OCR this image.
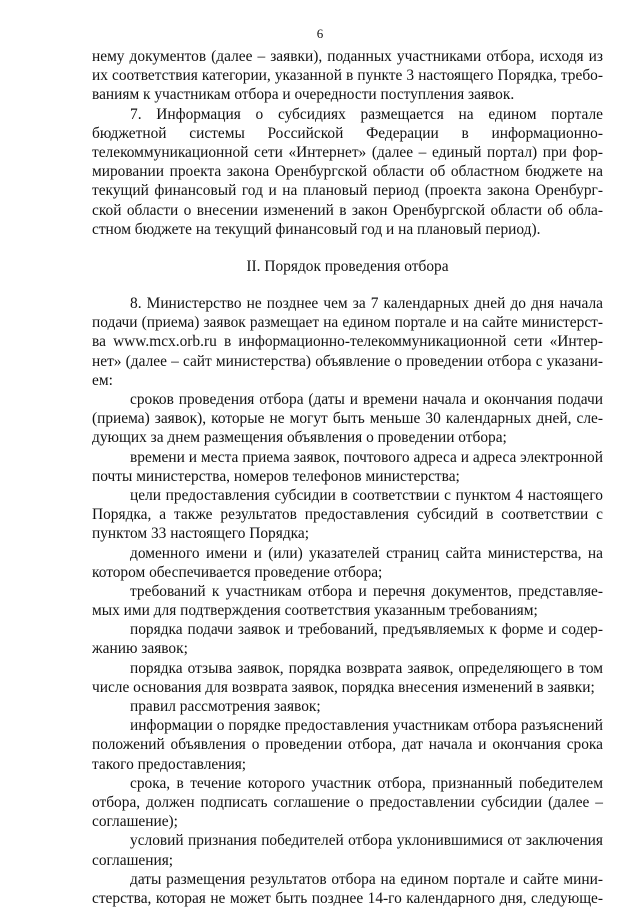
6
нему документов (далее – заявки), поданных участниками отбора, исходя из
их соответствия категории, указанной в пункте 3 настоящего Порядка, требо-
ваниям к участникам отбора и очередности поступления заявок.
7. Информация о субсидиях размещается на едином портале
бюджетной системы Российской Федерации в информационно-
телекоммуникационной сети «Интернет» (далее – единый портал) при фор-
мировании проекта закона Оренбургской области об областном бюджете на
текущий финансовый год и на плановый период (проекта закона Оренбург-
ской области о внесении изменений в закон Оренбургской области об обла-
стном бюджете на текущий финансовый год и на плановый период).
II. Порядок проведения отбора
8. Министерство не позднее чем за 7 календарных дней до дня начала
подачи (приема) заявок размещает на едином портале и на сайте министерст-
ва www.mcx.orb.ru в информационно-телекоммуникационной сети «Интер-
нет» (далее – сайт министерства) объявление о проведении отбора с указани-
ем:
сроков проведения отбора (даты и времени начала и окончания подачи
(приема) заявок), которые не могут быть меньше 30 календарных дней, сле-
дующих за днем размещения объявления о проведении отбора;
времени и места приема заявок, почтового адреса и адреса электронной
почты министерства, номеров телефонов министерства;
цели предоставления субсидии в соответствии с пунктом 4 настоящего
Порядка, а также результатов предоставления субсидий в соответствии с
пунктом 33 настоящего Порядка;
доменного имени и (или) указателей страниц сайта министерства, на
котором обеспечивается проведение отбора;
требований к участникам отбора и перечня документов, представляе-
мых ими для подтверждения соответствия указанным требованиям;
порядка подачи заявок и требований, предъявляемых к форме и содер-
жанию заявок;
порядка отзыва заявок, порядка возврата заявок, определяющего в том
числе основания для возврата заявок, порядка внесения изменений в заявки;
правил рассмотрения заявок;
информации о порядке предоставления участникам отбора разъяснений
положений объявления о проведении отбора, дат начала и окончания срока
такого предоставления;
срока, в течение которого участник отбора, признанный победителем
отбора, должен подписать соглашение о предоставлении субсидии (далее –
соглашение);
условий признания победителей отбора уклонившимися от заключения
соглашения;
даты размещения результатов отбора на едином портале и сайте мини-
стерства, которая не может быть позднее 14-го календарного дня, следующе-
